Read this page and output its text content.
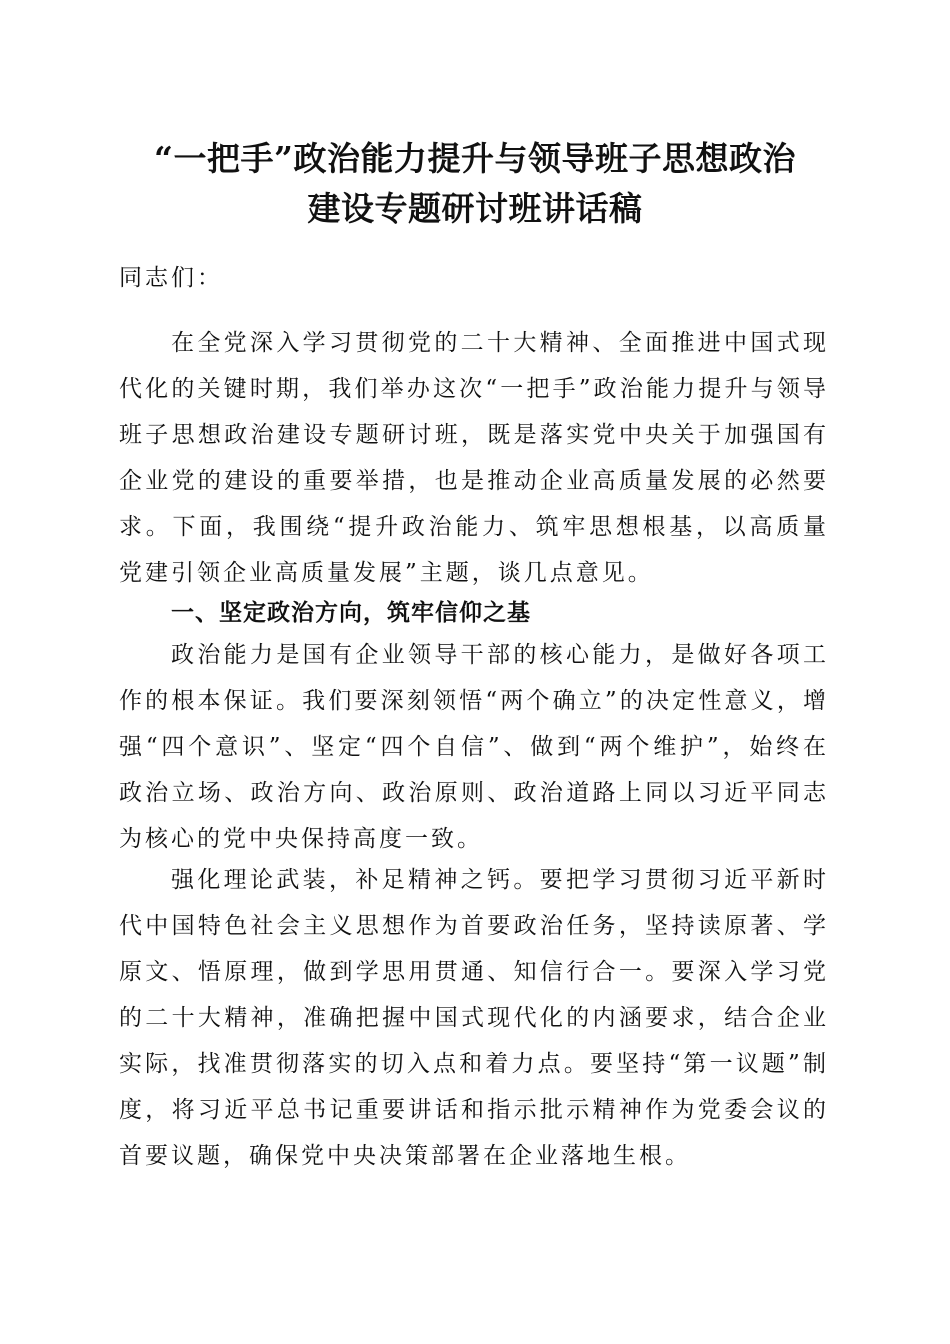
“一把手”政治能力提升与领导班子思想政治
建设专题研讨班讲话稿

同志们：

在全党深入学习贯彻党的二十大精神、全面推进中国式现代化的关键时期，我们举办这次“一把手”政治能力提升与领导班子思想政治建设专题研讨班，既是落实党中央关于加强国有企业党的建设的重要举措，也是推动企业高质量发展的必然要求。下面，我围绕“提升政治能力、筑牢思想根基，以高质量党建引领企业高质量发展”主题，谈几点意见。

一、坚定政治方向，筑牢信仰之基

政治能力是国有企业领导干部的核心能力，是做好各项工作的根本保证。我们要深刻领悟“两个确立”的决定性意义，增强“四个意识”、坚定“四个自信”、做到“两个维护”，始终在政治立场、政治方向、政治原则、政治道路上同以习近平同志为核心的党中央保持高度一致。

强化理论武装，补足精神之钙。要把学习贯彻习近平新时代中国特色社会主义思想作为首要政治任务，坚持读原著、学原文、悟原理，做到学思用贯通、知信行合一。要深入学习党的二十大精神，准确把握中国式现代化的内涵要求，结合企业实际，找准贯彻落实的切入点和着力点。要坚持“第一议题”制度，将习近平总书记重要讲话和指示批示精神作为党委会议的首要议题，确保党中央决策部署在企业落地生根。
